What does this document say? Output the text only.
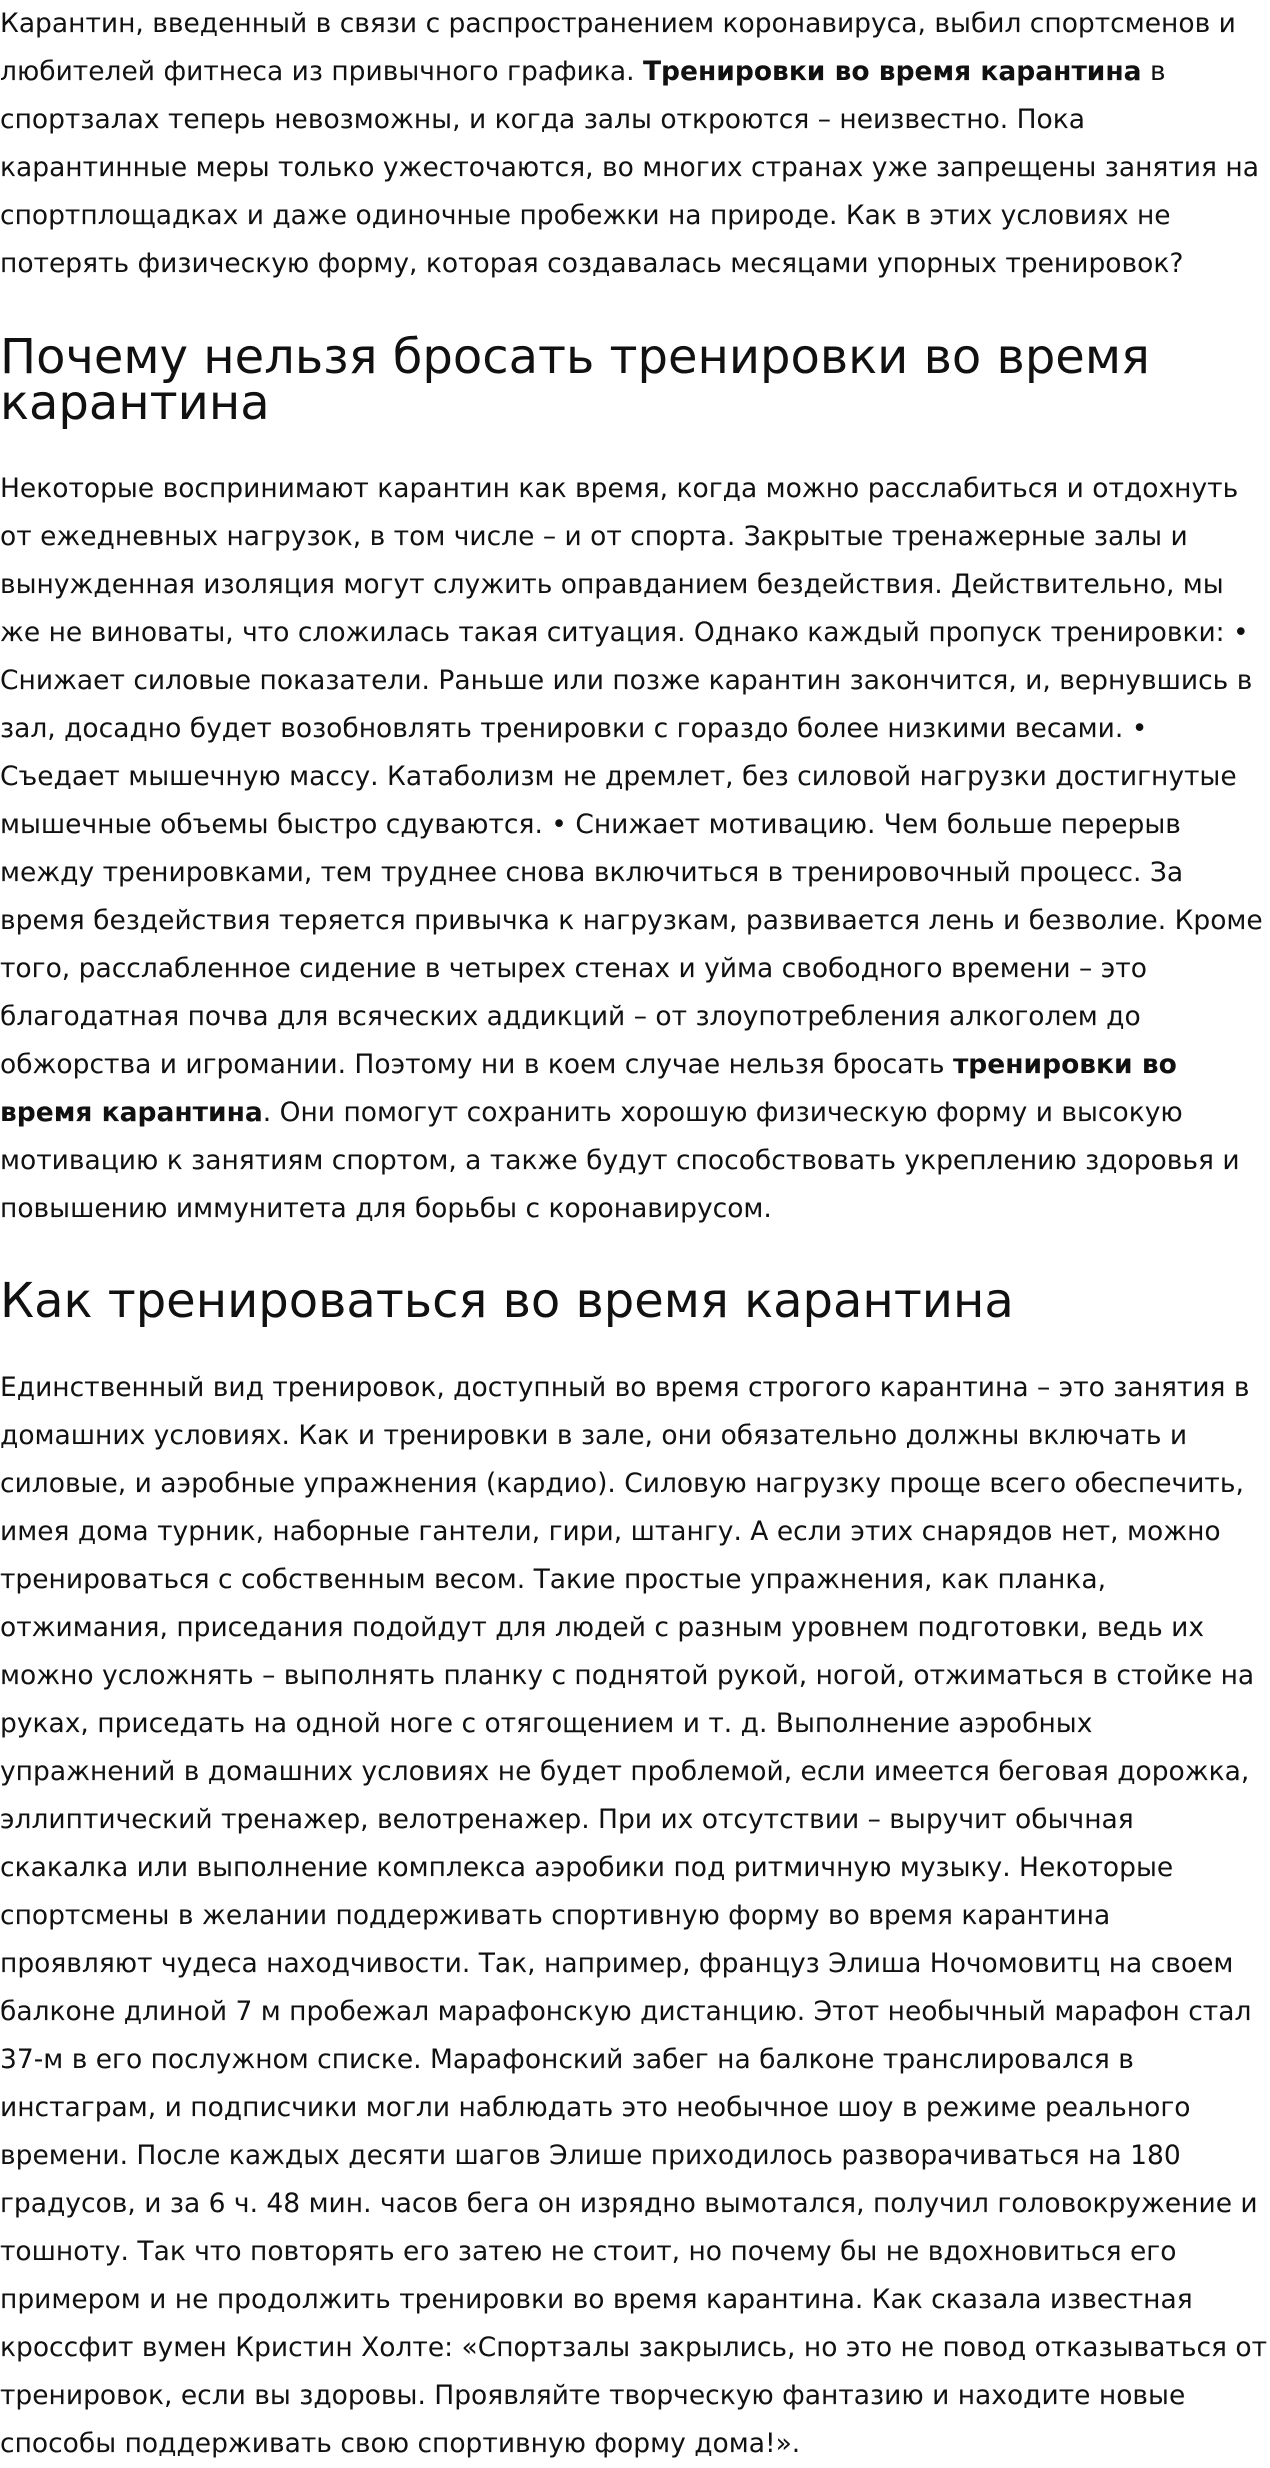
Карантин, введенный в связи с распространением коронавируса, выбил спортсменов и любителей фитнеса из привычного графика. Тренировки во время карантина в спортзалах теперь невозможны, и когда залы откроются – неизвестно. Пока карантинные меры только ужесточаются, во многих странах уже запрещены занятия на спортплощадках и даже одиночные пробежки на природе. Как в этих условиях не потерять физическую форму, которая создавалась месяцами упорных тренировок?

Почему нельзя бросать тренировки во время карантина

Некоторые воспринимают карантин как время, когда можно расслабиться и отдохнуть от ежедневных нагрузок, в том числе – и от спорта. Закрытые тренажерные залы и вынужденная изоляция могут служить оправданием бездействия. Действительно, мы же не виноваты, что сложилась такая ситуация. Однако каждый пропуск тренировки: • Снижает силовые показатели. Раньше или позже карантин закончится, и, вернувшись в зал, досадно будет возобновлять тренировки с гораздо более низкими весами. • Съедает мышечную массу. Катаболизм не дремлет, без силовой нагрузки достигнутые мышечные объемы быстро сдуваются. • Снижает мотивацию. Чем больше перерыв между тренировками, тем труднее снова включиться в тренировочный процесс. За время бездействия теряется привычка к нагрузкам, развивается лень и безволие. Кроме того, расслабленное сидение в четырех стенах и уйма свободного времени – это благодатная почва для всяческих аддикций – от злоупотребления алкоголем до обжорства и игромании. Поэтому ни в коем случае нельзя бросать тренировки во время карантина. Они помогут сохранить хорошую физическую форму и высокую мотивацию к занятиям спортом, а также будут способствовать укреплению здоровья и повышению иммунитета для борьбы с коронавирусом.

Как тренироваться во время карантина

Единственный вид тренировок, доступный во время строгого карантина – это занятия в домашних условиях. Как и тренировки в зале, они обязательно должны включать и силовые, и аэробные упражнения (кардио). Силовую нагрузку проще всего обеспечить, имея дома турник, наборные гантели, гири, штангу. А если этих снарядов нет, можно тренироваться с собственным весом. Такие простые упражнения, как планка, отжимания, приседания подойдут для людей с разным уровнем подготовки, ведь их можно усложнять – выполнять планку с поднятой рукой, ногой, отжиматься в стойке на руках, приседать на одной ноге с отягощением и т. д. Выполнение аэробных упражнений в домашних условиях не будет проблемой, если имеется беговая дорожка, эллиптический тренажер, велотренажер. При их отсутствии – выручит обычная скакалка или выполнение комплекса аэробики под ритмичную музыку. Некоторые спортсмены в желании поддерживать спортивную форму во время карантина проявляют чудеса находчивости. Так, например, француз Элиша Ночомовитц на своем балконе длиной 7 м пробежал марафонскую дистанцию. Этот необычный марафон стал 37-м в его послужном списке. Марафонский забег на балконе транслировался в инстаграм, и подписчики могли наблюдать это необычное шоу в режиме реального времени. После каждых десяти шагов Элише приходилось разворачиваться на 180 градусов, и за 6 ч. 48 мин. часов бега он изрядно вымотался, получил головокружение и тошноту. Так что повторять его затею не стоит, но почему бы не вдохновиться его примером и не продолжить тренировки во время карантина. Как сказала известная кроссфит вумен Кристин Холте: «Спортзалы закрылись, но это не повод отказываться от тренировок, если вы здоровы. Проявляйте творческую фантазию и находите новые способы поддерживать свою спортивную форму дома!».
